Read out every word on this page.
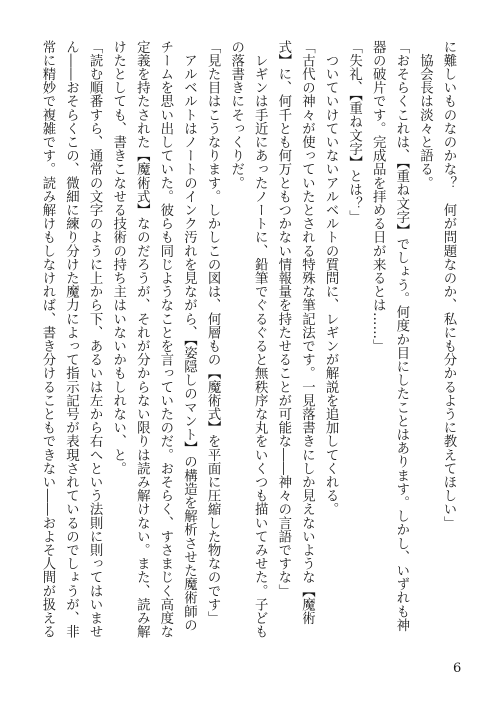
に難しいものなのかな？　何が問題なのか、私にも分かるように教えてほしい」
　協会長は淡々と語る。
「おそらくこれは、【重ね文字】でしょう。何度か目にしたことはあります。しかし、いずれも神
器の破片です。完成品を拝める日が来るとは……」
「失礼、【重ね文字】とは？」
　ついていけていないアルベルトの質問に、レギンが解説を追加してくれる。
「古代の神々が使っていたとされる特殊な筆記法です。一見落書きにしか見えないような【魔術
式】に、何千とも何万ともつかない情報量を持たせることが可能な――神々の言語ですな」
　レギンは手近にあったノートに、鉛筆でぐるぐると無秩序な丸をいくつも描いてみせた。子ども
の落書きにそっくりだ。
「見た目はこうなります。しかしこの図は、何層もの【魔術式】を平面に圧縮した物なのです」
　アルベルトはノートのインク汚れを見ながら、【姿隠しのマント】の構造を解析させた魔術師の
チームを思い出していた。彼らも同じようなことを言っていたのだ。おそらく、すさまじく高度な
定義を持たされた【魔術式】なのだろうが、それが分からない限りは読み解けない。また、読み解
けたとしても、書きこなせる技術の持ち主はいないかもしれない、と。
「読む順番すら、通常の文字のように上から下、あるいは左から右へという法則に則ってはいませ
ん――おそらくこの、微細に練り分けた魔力によって指示記号が表現されているのでしょうが、非
常に精妙で複雑です。読み解けもしなければ、書き分けることもできない――およそ人間が扱える
6
